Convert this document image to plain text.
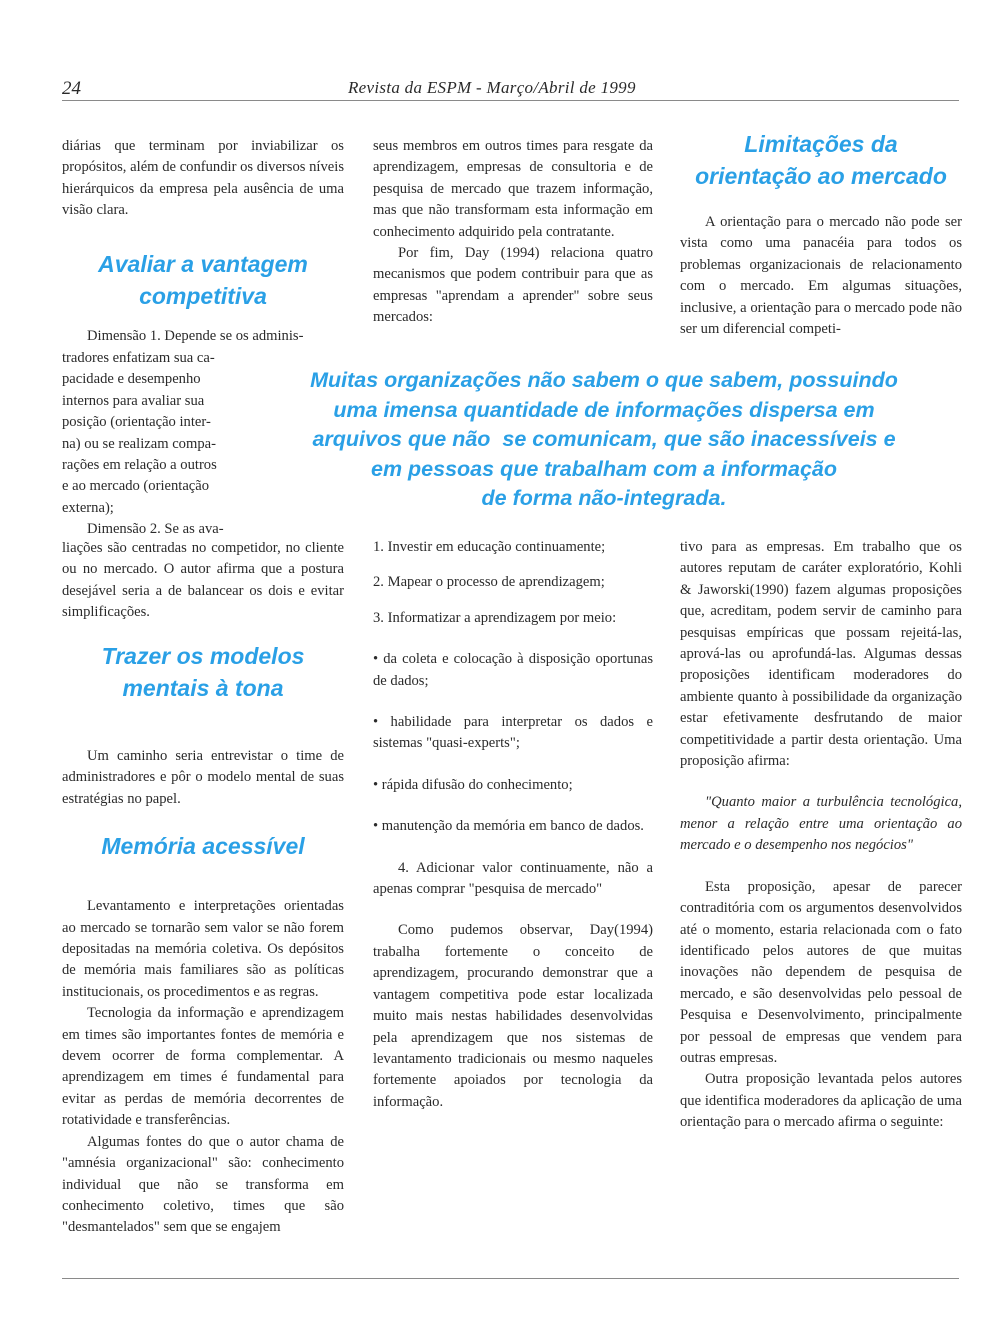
24	Revista da ESPM - Março/Abril de 1999

diárias que terminam por inviabilizar os propósitos, além de confundir os diversos níveis hierárquicos da empresa pela ausência de uma visão clara.

Avaliar a vantagem

competitiva

Dimensão 1. Depende se os adminis-

tradores enfatizam sua ca-
pacidade e desempenho
internos para avaliar sua
posição (orientação inter-
na) ou se realizam compa-
rações em relação a outros
e ao mercado (orientação
externa);

Dimensão 2. Se as ava-

liações são centradas no competidor, no cliente ou no mercado. O autor afirma que a postura desejável seria a de balancear os dois e evitar simplificações.

Trazer os modelos

mentais à tona

Um caminho seria entrevistar o time de administradores e pôr o modelo mental de suas estratégias no papel.

Memória acessível

Levantamento e interpretações orientadas ao mercado se tornarão sem valor se não forem depositadas na memória coletiva. Os depósitos de memória mais familiares são as políticas institucionais, os procedimentos e as regras.

Tecnologia da informação e aprendizagem em times são importantes fontes de memória e devem ocorrer de forma complementar. A aprendizagem em times é fundamental para evitar as perdas de memória decorrentes de rotatividade e transferências.

Algumas fontes do que o autor chama de "amnésia organizacional" são: conhecimento individual que não se transforma em conhecimento coletivo, times que são "desmantelados" sem que se engajem

seus membros em outros times para resgate da aprendizagem, empresas de consultoria e de pesquisa de mercado que trazem informação, mas que não transformam esta informação em conhecimento adquirido pela contratante.

Por fim, Day (1994) relaciona quatro mecanismos que podem contribuir para que as empresas "aprendam a aprender" sobre seus mercados:

1. Investir em educação continuamente;

2. Mapear o processo de aprendizagem;

3. Informatizar a aprendizagem por meio:

• da coleta e colocação à disposição oportunas de dados;

• habilidade para interpretar os dados e sistemas "quasi-experts";

• rápida difusão do conhecimento;

• manutenção da memória em banco de dados.

4. Adicionar valor continuamente, não a apenas comprar "pesquisa de mercado"

Como pudemos observar, Day(1994) trabalha fortemente o conceito de aprendizagem, procurando demonstrar que a vantagem competitiva pode estar localizada muito mais nestas habilidades desenvolvidas pela aprendizagem que nos sistemas de levantamento tradicionais ou mesmo naqueles fortemente apoiados por tecnologia da informação.

Limitações da

orientação ao mercado

A orientação para o mercado não pode ser vista como uma panacéia para todos os problemas organizacionais de relacionamento com o mercado. Em algumas situações, inclusive, a orientação para o mercado pode não ser um diferencial competi-

tivo para as empresas. Em trabalho que os autores reputam de caráter exploratório, Kohli & Jaworski(1990) fazem algumas proposições que, acreditam, podem servir de caminho para pesquisas empíricas que possam rejeitá-las, aprová-las ou aprofundá-las. Algumas dessas proposições identificam moderadores do ambiente quanto à possibilidade da organização estar efetivamente desfrutando de maior competitividade a partir desta orientação. Uma proposição afirma:

"Quanto maior a turbulência tecnológica, menor a relação entre uma orientação ao mercado e o desempenho nos negócios"

Esta proposição, apesar de parecer contraditória com os argumentos desenvolvidos até o momento, estaria relacionada com o fato identificado pelos autores de que muitas inovações não dependem de pesquisa de mercado, e são desenvolvidas pelo pessoal de Pesquisa e Desenvolvimento, principalmente por pessoal de empresas que vendem para outras empresas.

Outra proposição levantada pelos autores que identifica moderadores da aplicação de uma orientação para o mercado afirma o seguinte:

Muitas organizações não sabem o que sabem, possuindo

uma imensa quantidade de informações dispersa em

arquivos que não  se comunicam, que são inacessíveis e

em pessoas que trabalham com a informação

de forma não-integrada.
